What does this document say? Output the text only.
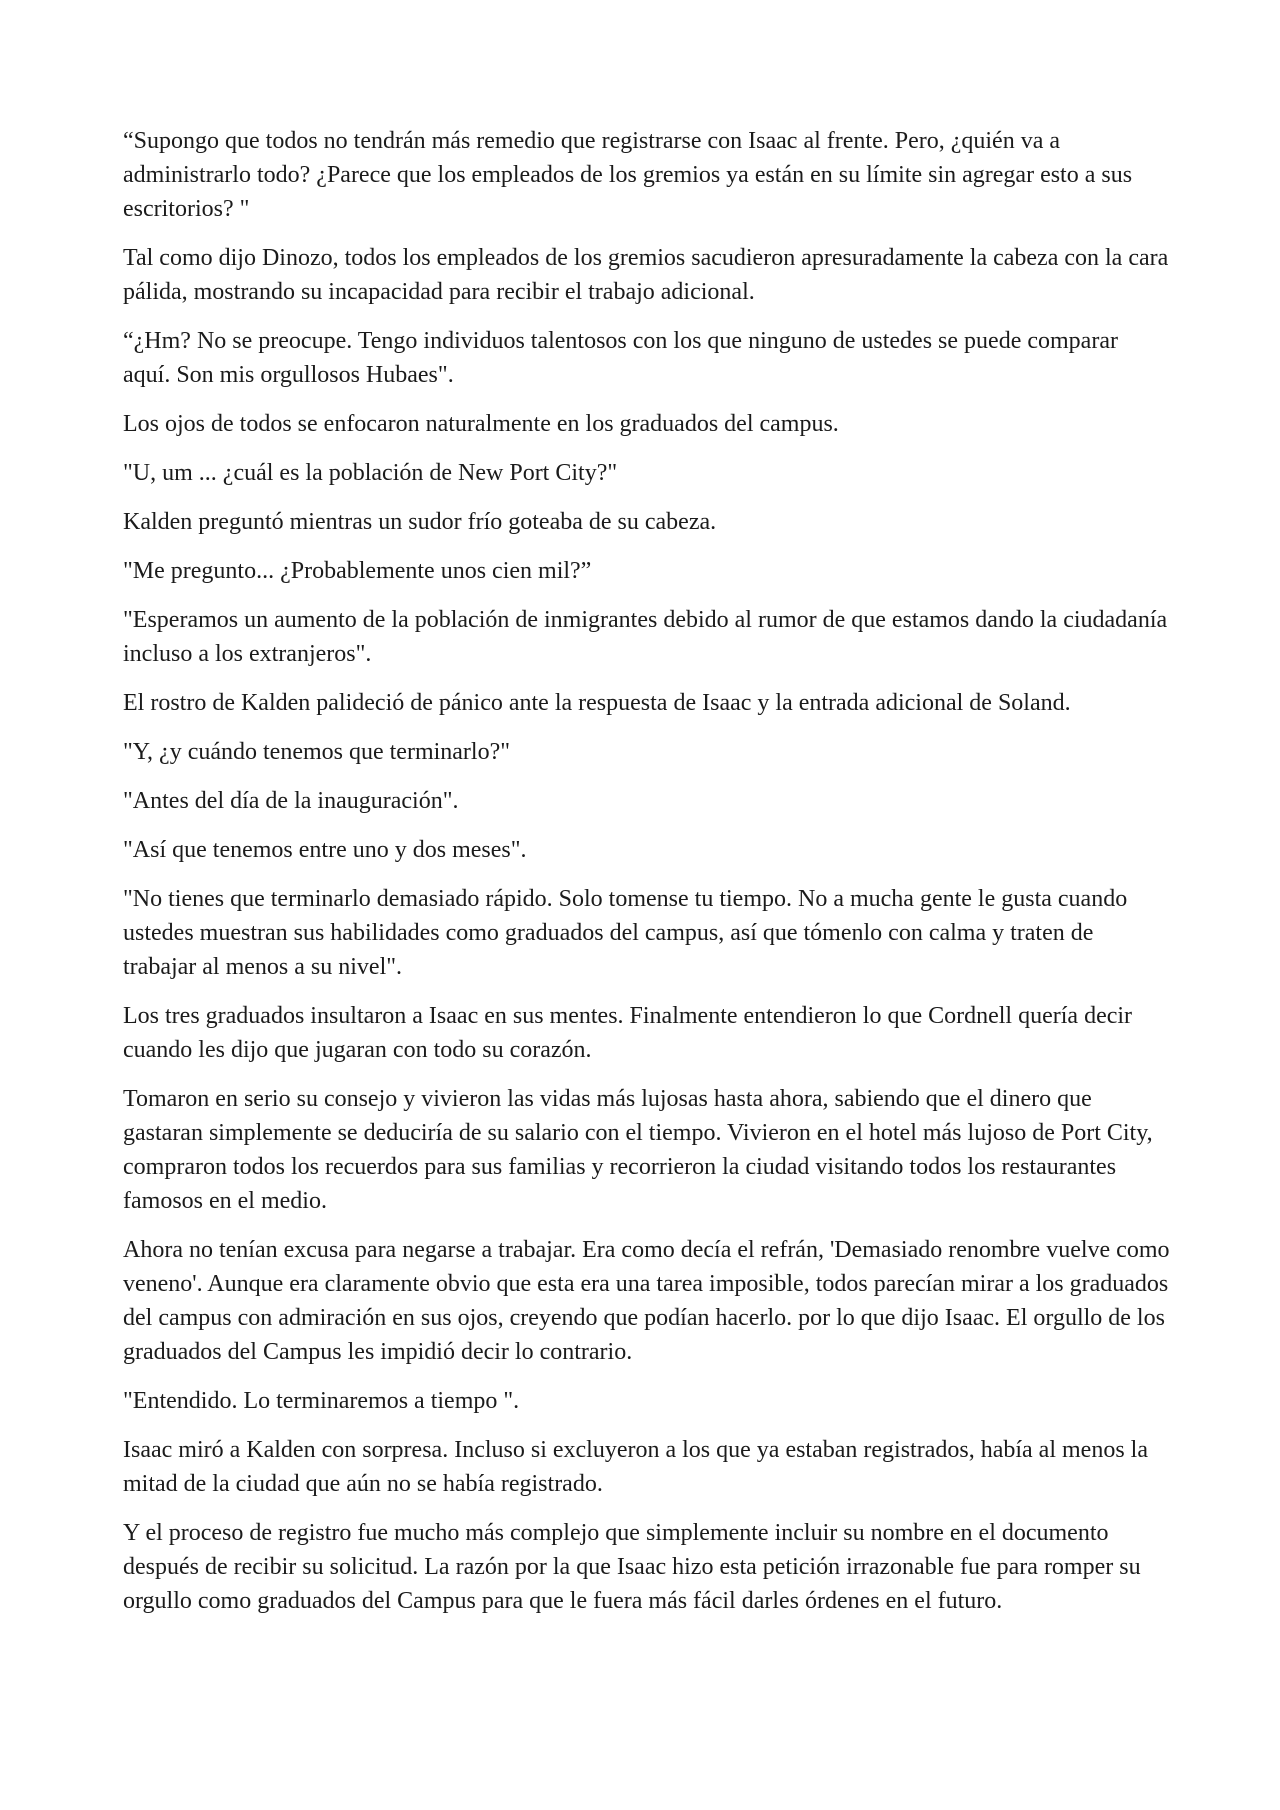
“Supongo que todos no tendrán más remedio que registrarse con Isaac al frente. Pero, ¿quién va a administrarlo todo? ¿Parece que los empleados de los gremios ya están en su límite sin agregar esto a sus escritorios? "

Tal como dijo Dinozo, todos los empleados de los gremios sacudieron apresuradamente la cabeza con la cara pálida, mostrando su incapacidad para recibir el trabajo adicional.

“¿Hm? No se preocupe. Tengo individuos talentosos con los que ninguno de ustedes se puede comparar aquí. Son mis orgullosos Hubaes".

Los ojos de todos se enfocaron naturalmente en los graduados del campus.

"U, um ... ¿cuál es la población de New Port City?"

Kalden preguntó mientras un sudor frío goteaba de su cabeza.

"Me pregunto... ¿Probablemente unos cien mil?”

"Esperamos un aumento de la población de inmigrantes debido al rumor de que estamos dando la ciudadanía incluso a los extranjeros".

El rostro de Kalden palideció de pánico ante la respuesta de Isaac y la entrada adicional de Soland.

"Y, ¿y cuándo tenemos que terminarlo?"

"Antes del día de la inauguración".

"Así que tenemos entre uno y dos meses".

"No tienes que terminarlo demasiado rápido. Solo tomense tu tiempo. No a mucha gente le gusta cuando ustedes muestran sus habilidades como graduados del campus, así que tómenlo con calma y traten de trabajar al menos a su nivel".

Los tres graduados insultaron a Isaac en sus mentes. Finalmente entendieron lo que Cordnell quería decir cuando les dijo que jugaran con todo su corazón.

Tomaron en serio su consejo y vivieron las vidas más lujosas hasta ahora, sabiendo que el dinero que gastaran simplemente se deduciría de su salario con el tiempo. Vivieron en el hotel más lujoso de Port City, compraron todos los recuerdos para sus familias y recorrieron la ciudad visitando todos los restaurantes famosos en el medio.

Ahora no tenían excusa para negarse a trabajar. Era como decía el refrán, 'Demasiado renombre vuelve como veneno'. Aunque era claramente obvio que esta era una tarea imposible, todos parecían mirar a los graduados del campus con admiración en sus ojos, creyendo que podían hacerlo. por lo que dijo Isaac. El orgullo de los graduados del Campus les impidió decir lo contrario.

"Entendido. Lo terminaremos a tiempo ".

Isaac miró a Kalden con sorpresa. Incluso si excluyeron a los que ya estaban registrados, había al menos la mitad de la ciudad que aún no se había registrado.

Y el proceso de registro fue mucho más complejo que simplemente incluir su nombre en el documento después de recibir su solicitud. La razón por la que Isaac hizo esta petición irrazonable fue para romper su orgullo como graduados del Campus para que le fuera más fácil darles órdenes en el futuro.
